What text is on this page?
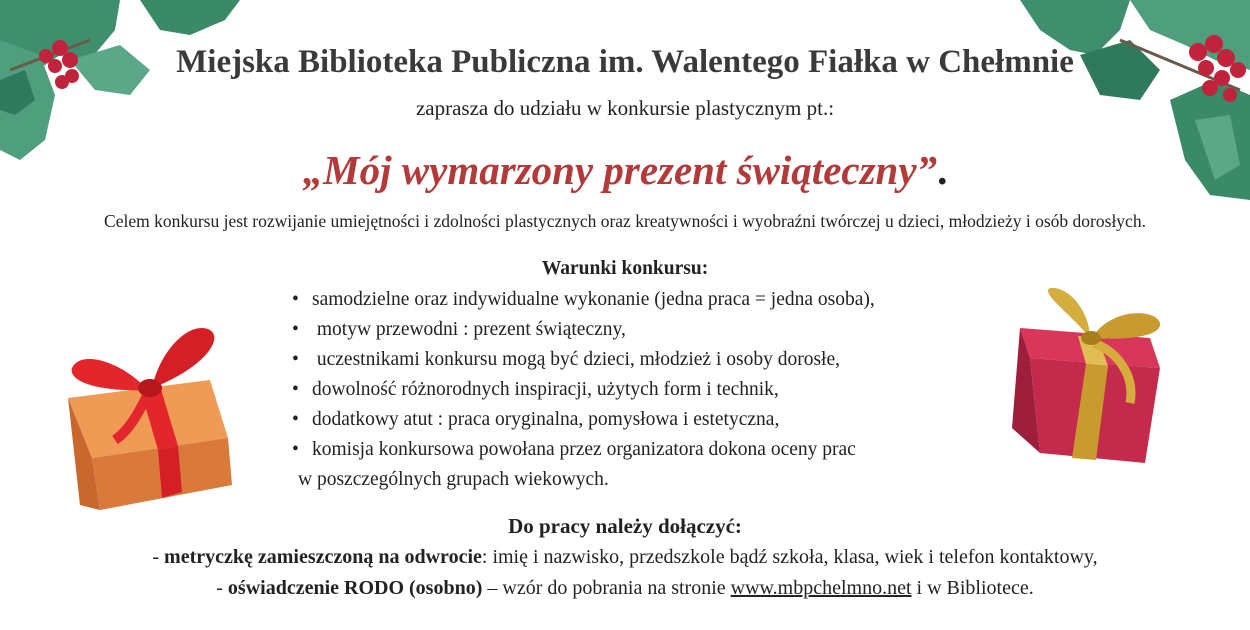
Miejska Biblioteka Publiczna im. Walentego Fiałka w Chełmnie
zaprasza do udziału w konkursie plastycznym pt.:
„Mój wymarzony prezent świąteczny”.
Celem konkursu jest rozwijanie umiejętności i zdolności plastycznych oraz kreatywności i wyobraźni twórczej u dzieci, młodzieży i osób dorosłych.
Warunki konkursu:
• samodzielne oraz indywidualne wykonanie (jedna praca = jedna osoba),
• motyw przewodni : prezent świąteczny,
• uczestnikami konkursu mogą być dzieci, młodzież i osoby dorosłe,
• dowolność różnorodnych inspiracji, użytych form i technik,
• dodatkowy atut : praca oryginalna, pomysłowa i estetyczna,
• komisja konkursowa powołana przez organizatora dokona oceny prac
w poszczególnych grupach wiekowych.
Do pracy należy dołączyć:
- metryczkę zamieszczoną na odwrocie: imię i nazwisko, przedszkole bądź szkoła, klasa, wiek i telefon kontaktowy,
- oświadczenie RODO (osobno) – wzór do pobrania na stronie www.mbpchelmno.net i w Bibliotece.
